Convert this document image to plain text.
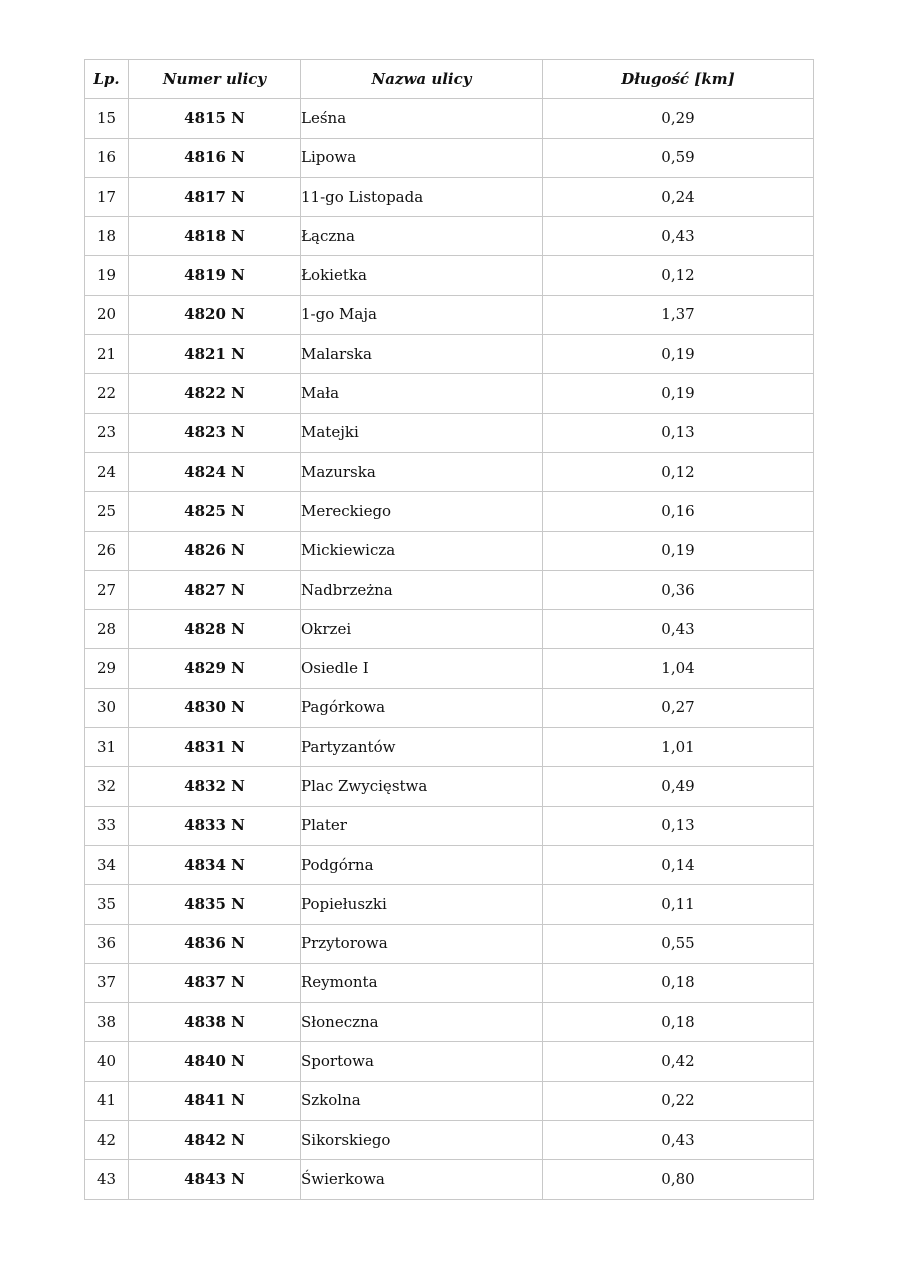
Lp.	Numer ulicy	Nazwa ulicy	Długość [km]
15	4815 N	Leśna	0,29
16	4816 N	Lipowa	0,59
17	4817 N	11-go Listopada	0,24
18	4818 N	Łączna	0,43
19	4819 N	Łokietka	0,12
20	4820 N	1-go Maja	1,37
21	4821 N	Malarska	0,19
22	4822 N	Mała	0,19
23	4823 N	Matejki	0,13
24	4824 N	Mazurska	0,12
25	4825 N	Mereckiego	0,16
26	4826 N	Mickiewicza	0,19
27	4827 N	Nadbrzeżna	0,36
28	4828 N	Okrzei	0,43
29	4829 N	Osiedle I	1,04
30	4830 N	Pagórkowa	0,27
31	4831 N	Partyzantów	1,01
32	4832 N	Plac Zwycięstwa	0,49
33	4833 N	Plater	0,13
34	4834 N	Podgórna	0,14
35	4835 N	Popiełuszki	0,11
36	4836 N	Przytorowa	0,55
37	4837 N	Reymonta	0,18
38	4838 N	Słoneczna	0,18
40	4840 N	Sportowa	0,42
41	4841 N	Szkolna	0,22
42	4842 N	Sikorskiego	0,43
43	4843 N	Świerkowa	0,80
